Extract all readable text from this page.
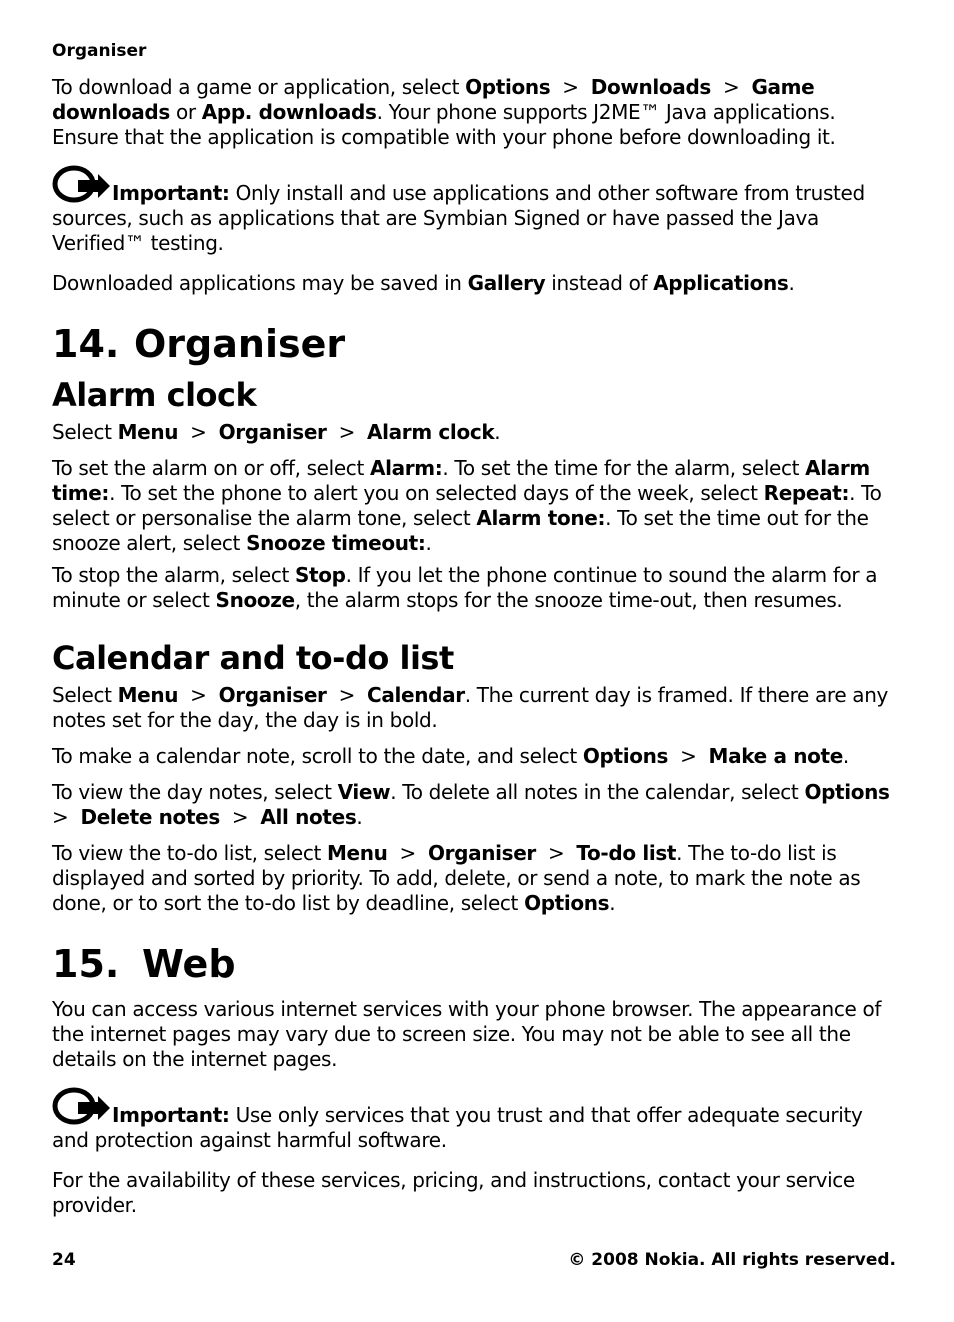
Organiser

To download a game or application, select Options  >  Downloads  >  Game downloads or App. downloads. Your phone supports J2ME™ Java applications. Ensure that the application is compatible with your phone before downloading it.

Important: Only install and use applications and other software from trusted sources, such as applications that are Symbian Signed or have passed the Java Verified™ testing.

Downloaded applications may be saved in Gallery instead of Applications.

14. Organiser
Alarm clock

Select Menu  >  Organiser  >  Alarm clock.

To set the alarm on or off, select Alarm:. To set the time for the alarm, select Alarm time:. To set the phone to alert you on selected days of the week, select Repeat:. To select or personalise the alarm tone, select Alarm tone:. To set the time out for the snooze alert, select Snooze timeout:.

To stop the alarm, select Stop. If you let the phone continue to sound the alarm for a minute or select Snooze, the alarm stops for the snooze time-out, then resumes.

Calendar and to-do list

Select Menu  >  Organiser  >  Calendar. The current day is framed. If there are any notes set for the day, the day is in bold.

To make a calendar note, scroll to the date, and select Options  >  Make a note.

To view the day notes, select View. To delete all notes in the calendar, select Options  >  Delete notes  >  All notes.

To view the to-do list, select Menu  >  Organiser  >  To-do list. The to-do list is displayed and sorted by priority. To add, delete, or send a note, to mark the note as done, or to sort the to-do list by deadline, select Options.

15. Web

You can access various internet services with your phone browser. The appearance of the internet pages may vary due to screen size. You may not be able to see all the details on the internet pages.

Important: Use only services that you trust and that offer adequate security and protection against harmful software.

For the availability of these services, pricing, and instructions, contact your service provider.

24	© 2008 Nokia. All rights reserved.
